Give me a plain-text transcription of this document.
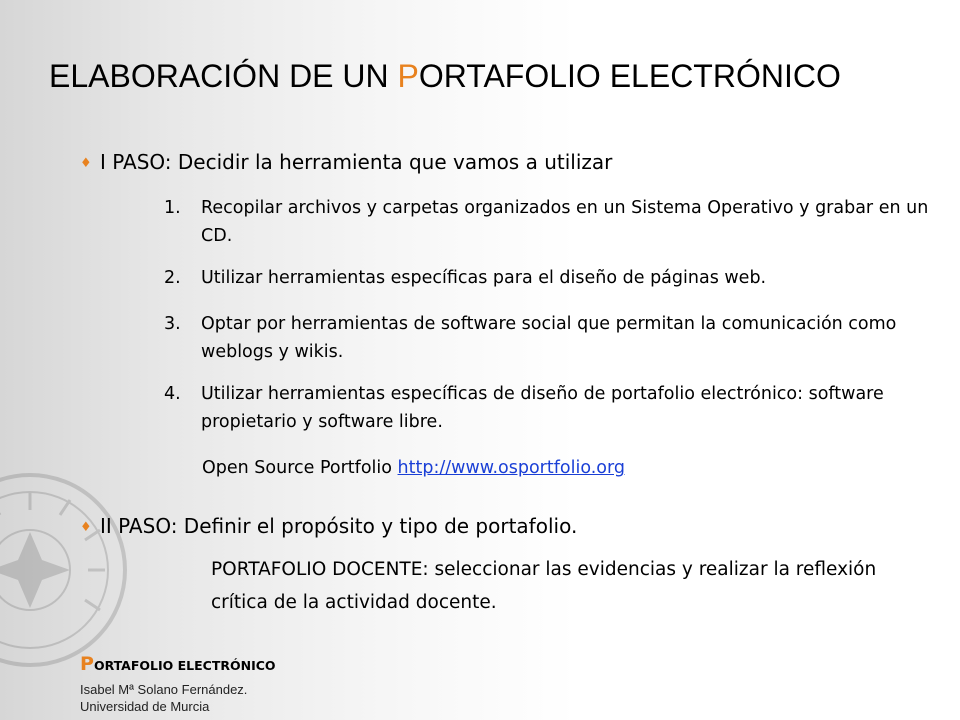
ELABORACIÓN DE UN PORTAFOLIO ELECTRÓNICO
♦ I PASO: Decidir la herramienta que vamos a utilizar
1.	Recopilar archivos y carpetas organizados en un Sistema Operativo y grabar en un CD.
2.	Utilizar herramientas específicas para el diseño de páginas web.
3.	Optar por herramientas de software social que permitan la comunicación como weblogs y wikis.
4.	Utilizar herramientas específicas de diseño de portafolio electrónico: software propietario y software libre.
Open Source Portfolio http://www.osportfolio.org
♦ II PASO: Definir el propósito y tipo de portafolio.
PORTAFOLIO DOCENTE: seleccionar las evidencias y realizar la reflexión crítica de la actividad docente.
PORTAFOLIO ELECTRÓNICO
Isabel Mª Solano Fernández.
Universidad de Murcia
